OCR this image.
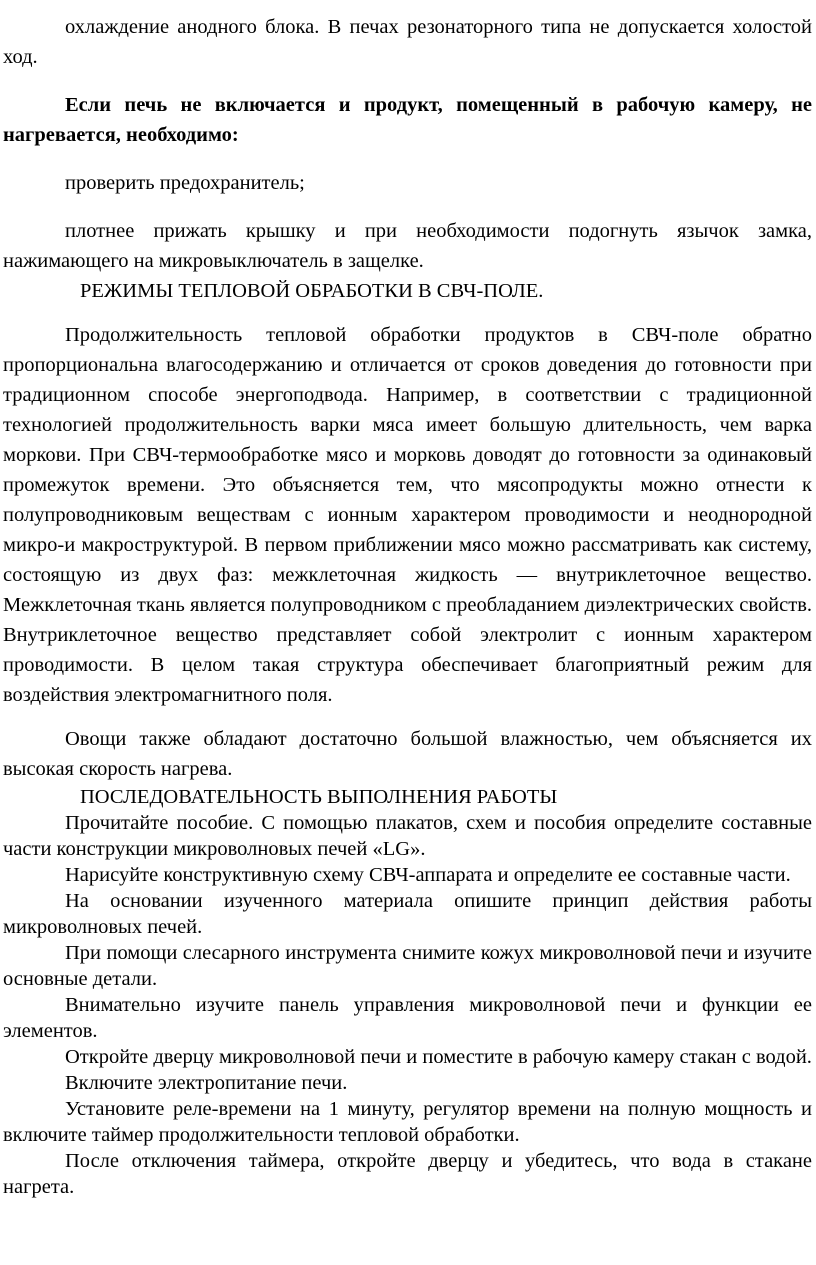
охлаждение анодного блока. В печах резонаторного типа не допускается холостой ход.

Если печь не включается и продукт, помещенный в рабочую камеру, не нагревается, необходимо:

проверить предохранитель;

плотнее прижать крышку и при необходимости подогнуть язычок замка, нажимающего на микровыключатель в защелке.

РЕЖИМЫ ТЕПЛОВОЙ ОБРАБОТКИ В СВЧ-ПОЛЕ.

Продолжительность тепловой обработки продуктов в СВЧ-поле обратно пропорциональна влагосодержанию и отличается от сроков доведения до готовности при традиционном способе энергоподвода. Например, в соответствии с традиционной технологией продолжительность варки мяса имеет большую длительность, чем варка моркови. При СВЧ-термообработке мясо и морковь доводят до готовности за одинаковый промежуток времени. Это объясняется тем, что мясопродукты можно отнести к полупроводниковым веществам с ионным характером проводимости и неоднородной микро-и макроструктурой. В первом приближении мясо можно рассматривать как систему, состоящую из двух фаз: межклеточная жидкость — внутриклеточное вещество. Межклеточная ткань является полупроводником с преобладанием диэлектрических свойств. Внутриклеточное вещество представляет собой электролит с ионным характером проводимости. В целом такая структура обеспечивает благоприятный режим для воздействия электромагнитного поля.

Овощи также обладают достаточно большой влажностью, чем объясняется их высокая скорость нагрева.

ПОСЛЕДОВАТЕЛЬНОСТЬ ВЫПОЛНЕНИЯ РАБОТЫ

Прочитайте пособие. С помощью плакатов, схем и пособия определите составные части конструкции микроволновых печей «LG».

Нарисуйте конструктивную схему СВЧ-аппарата и определите ее составные части.

На основании изученного материала опишите принцип действия работы микроволновых печей.

При помощи слесарного инструмента снимите кожух микроволновой печи и изучите основные детали.

Внимательно изучите панель управления микроволновой печи и функции ее элементов.

Откройте дверцу микроволновой печи и поместите в рабочую камеру стакан с водой.

Включите электропитание печи.

Установите реле-времени на 1 минуту, регулятор времени на полную мощность и включите таймер продолжительности тепловой обработки.

После отключения таймера, откройте дверцу и убедитесь, что вода в стакане нагрета.
